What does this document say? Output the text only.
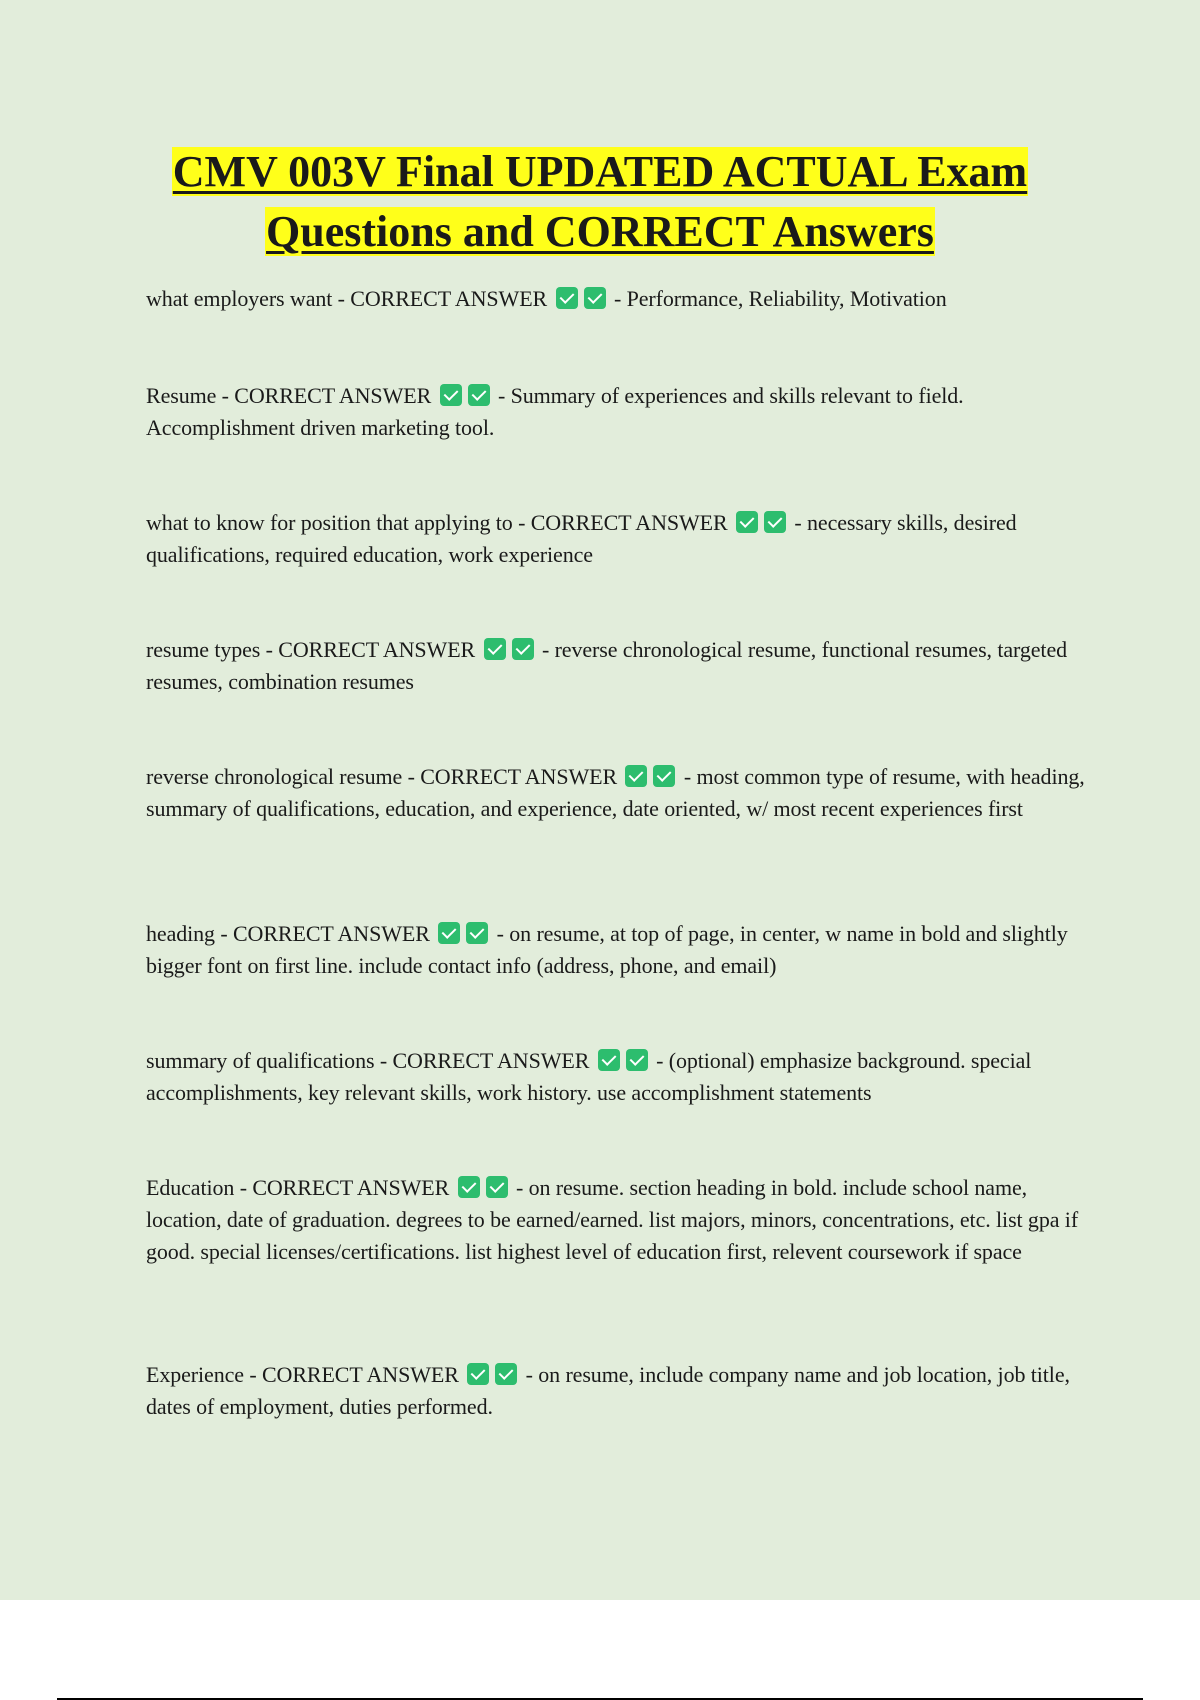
CMV 003V Final UPDATED ACTUAL Exam
Questions and CORRECT Answers

what employers want - CORRECT ANSWER	- Performance, Reliability, Motivation

Resume - CORRECT ANSWER	- Summary of experiences and skills relevant to field. Accomplishment driven marketing tool.

what to know for position that applying to - CORRECT ANSWER	- necessary skills, desired qualifications, required education, work experience

resume types - CORRECT ANSWER	- reverse chronological resume, functional resumes, targeted resumes, combination resumes

reverse chronological resume - CORRECT ANSWER	- most common type of resume, with heading, summary of qualifications, education, and experience, date oriented, w/ most recent experiences first

heading - CORRECT ANSWER	- on resume, at top of page, in center, w name in bold and slightly bigger font on first line. include contact info (address, phone, and email)

summary of qualifications - CORRECT ANSWER	- (optional) emphasize background. special accomplishments, key relevant skills, work history. use accomplishment statements

Education - CORRECT ANSWER	- on resume. section heading in bold. include school name, location, date of graduation. degrees to be earned/earned. list majors, minors, concentrations, etc. list gpa if good. special licenses/certifications. list highest level of education first, relevent coursework if space

Experience - CORRECT ANSWER	- on resume, include company name and job location, job title, dates of employment, duties performed.
